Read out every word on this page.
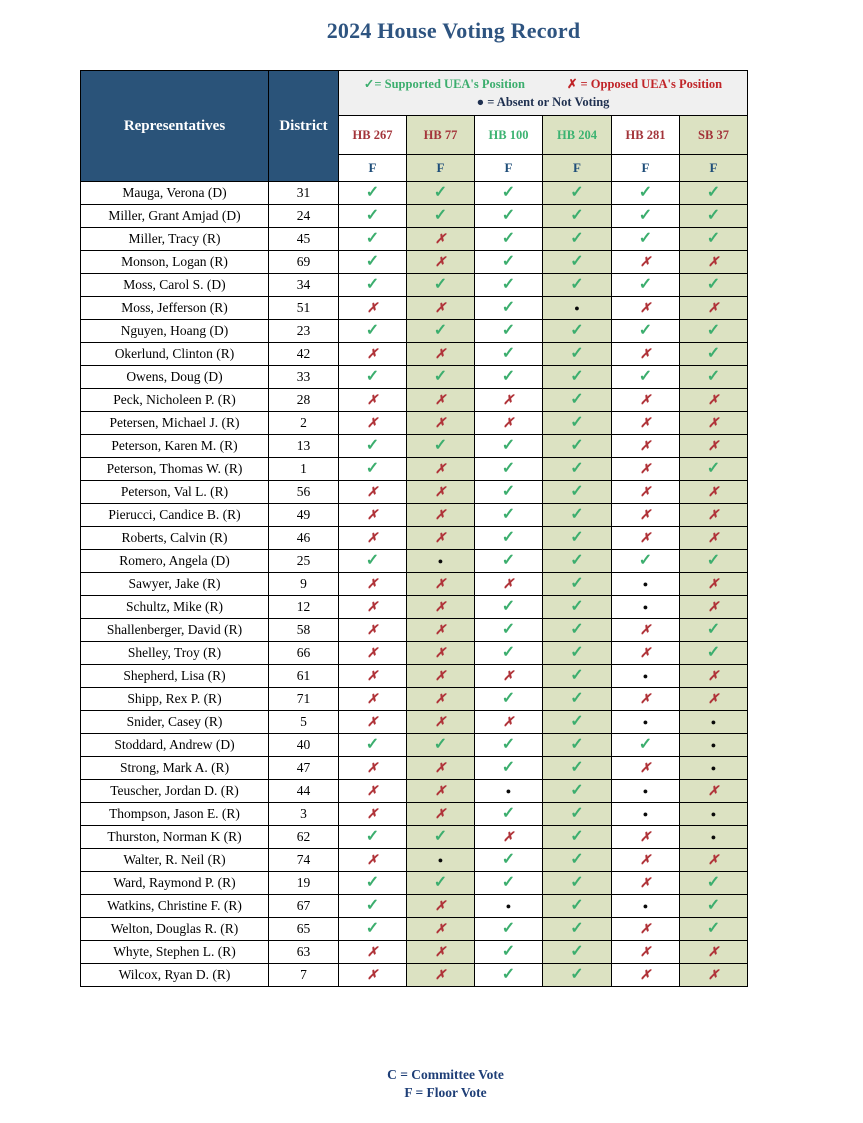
2024 House Voting Record
Representatives	District	✓= Supported UEA's Position ✗ = Opposed UEA's Position
● = Absent or Not Voting					

		HB 267	HB 77	HB 100	HB 204	HB 281	SB 37
		F	F	F	F	F	F
Mauga, Verona (D)	31	✓	✓	✓	✓	✓	✓
Miller, Grant Amjad (D)	24	✓	✓	✓	✓	✓	✓
Miller, Tracy (R)	45	✓	✗	✓	✓	✓	✓
Monson, Logan (R)	69	✓	✗	✓	✓	✗	✗
Moss, Carol S. (D)	34	✓	✓	✓	✓	✓	✓
Moss, Jefferson (R)	51	✗	✗	✓	●	✗	✗
Nguyen, Hoang (D)	23	✓	✓	✓	✓	✓	✓
Okerlund, Clinton (R)	42	✗	✗	✓	✓	✗	✓
Owens, Doug (D)	33	✓	✓	✓	✓	✓	✓
Peck, Nicholeen P. (R)	28	✗	✗	✗	✓	✗	✗
Petersen, Michael J. (R)	2	✗	✗	✗	✓	✗	✗
Peterson, Karen M. (R)	13	✓	✓	✓	✓	✗	✗
Peterson, Thomas W. (R)	1	✓	✗	✓	✓	✗	✓
Peterson, Val L. (R)	56	✗	✗	✓	✓	✗	✗
Pierucci, Candice B. (R)	49	✗	✗	✓	✓	✗	✗
Roberts, Calvin (R)	46	✗	✗	✓	✓	✗	✗
Romero, Angela (D)	25	✓	●	✓	✓	✓	✓
Sawyer, Jake (R)	9	✗	✗	✗	✓	●	✗
Schultz, Mike (R)	12	✗	✗	✓	✓	●	✗
Shallenberger, David (R)	58	✗	✗	✓	✓	✗	✓
Shelley, Troy (R)	66	✗	✗	✓	✓	✗	✓
Shepherd, Lisa (R)	61	✗	✗	✗	✓	●	✗
Shipp, Rex P. (R)	71	✗	✗	✓	✓	✗	✗
Snider, Casey (R)	5	✗	✗	✗	✓	●	●
Stoddard, Andrew (D)	40	✓	✓	✓	✓	✓	●
Strong, Mark A. (R)	47	✗	✗	✓	✓	✗	●
Teuscher, Jordan D. (R)	44	✗	✗	●	✓	●	✗
Thompson, Jason E. (R)	3	✗	✗	✓	✓	●	●
Thurston, Norman K (R)	62	✓	✓	✗	✓	✗	●
Walter, R. Neil (R)	74	✗	●	✓	✓	✗	✗
Ward, Raymond P. (R)	19	✓	✓	✓	✓	✗	✓
Watkins, Christine F. (R)	67	✓	✗	●	✓	●	✓
Welton, Douglas R. (R)	65	✓	✗	✓	✓	✗	✓
Whyte, Stephen L. (R)	63	✗	✗	✓	✓	✗	✗
Wilcox, Ryan D. (R)	7	✗	✗	✓	✓	✗	✗
C = Committee Vote
F = Floor Vote
